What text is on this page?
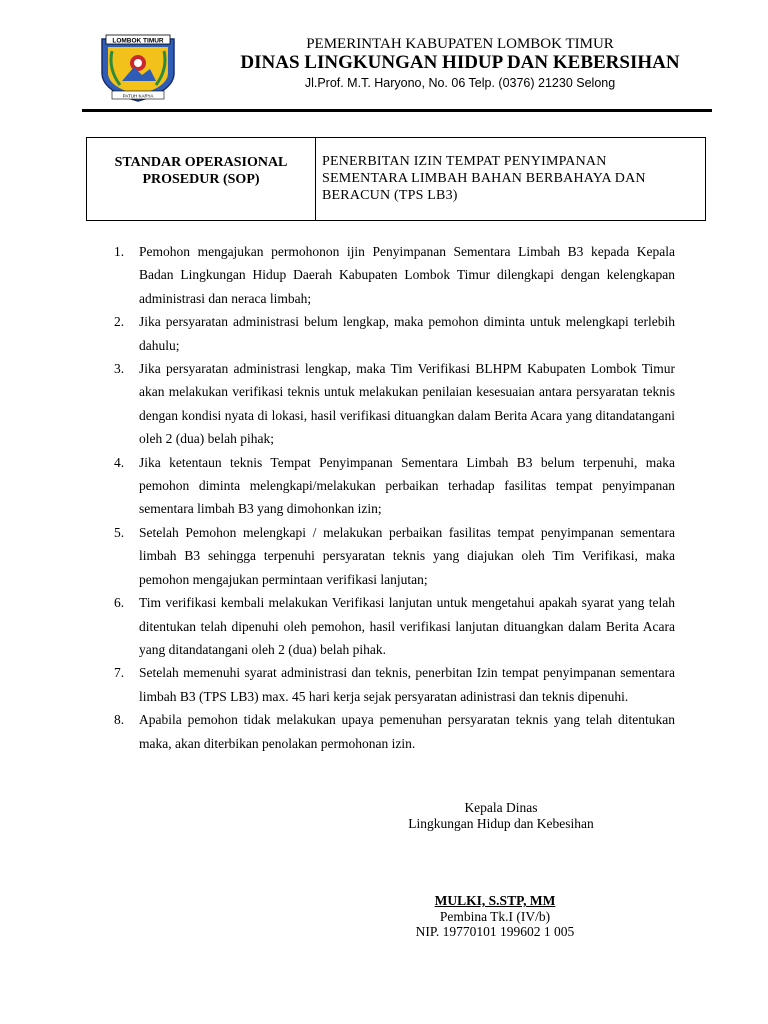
LOMBOK TIMUR
PATUH KARYA
PEMERINTAH KABUPATEN LOMBOK TIMUR
DINAS LINGKUNGAN HIDUP DAN KEBERSIHAN
Jl.Prof. M.T. Haryono, No. 06 Telp. (0376) 21230 Selong
STANDAR OPERASIONAL
PROSEDUR (SOP)
PENERBITAN IZIN TEMPAT PENYIMPANAN
SEMENTARA LIMBAH BAHAN BERBAHAYA DAN
BERACUN (TPS LB3)
1. Pemohon mengajukan permohonon ijin Penyimpanan Sementara Limbah B3 kepada Kepala Badan Lingkungan Hidup Daerah Kabupaten Lombok Timur dilengkapi dengan kelengkapan administrasi dan neraca limbah;
2. Jika persyaratan administrasi belum lengkap, maka pemohon diminta untuk melengkapi terlebih dahulu;
3. Jika persyaratan administrasi lengkap, maka Tim Verifikasi BLHPM Kabupaten Lombok Timur akan melakukan verifikasi teknis untuk melakukan penilaian kesesuaian antara persyaratan teknis dengan kondisi nyata di lokasi, hasil verifikasi dituangkan dalam Berita Acara yang ditandatangani oleh 2 (dua) belah pihak;
4. Jika ketentaun teknis Tempat Penyimpanan Sementara Limbah B3 belum terpenuhi, maka pemohon diminta melengkapi/melakukan perbaikan terhadap fasilitas tempat penyimpanan sementara limbah B3 yang dimohonkan izin;
5. Setelah Pemohon melengkapi / melakukan perbaikan fasilitas tempat penyimpanan sementara limbah B3 sehingga terpenuhi persyaratan teknis yang diajukan oleh Tim Verifikasi, maka pemohon mengajukan permintaan verifikasi lanjutan;
6. Tim verifikasi kembali melakukan Verifikasi lanjutan untuk mengetahui apakah syarat yang telah ditentukan telah dipenuhi oleh pemohon, hasil verifikasi lanjutan dituangkan dalam Berita Acara yang ditandatangani oleh 2 (dua) belah pihak.
7. Setelah memenuhi syarat administrasi dan teknis, penerbitan Izin tempat penyimpanan sementara limbah B3 (TPS LB3) max. 45 hari kerja sejak persyaratan adinistrasi dan teknis dipenuhi.
8. Apabila pemohon tidak melakukan upaya pemenuhan persyaratan teknis yang telah ditentukan maka, akan diterbikan penolakan permohonan izin.
Kepala Dinas
Lingkungan Hidup dan Kebesihan
MULKI, S.STP, MM
Pembina Tk.I (IV/b)
NIP. 19770101 199602 1 005
